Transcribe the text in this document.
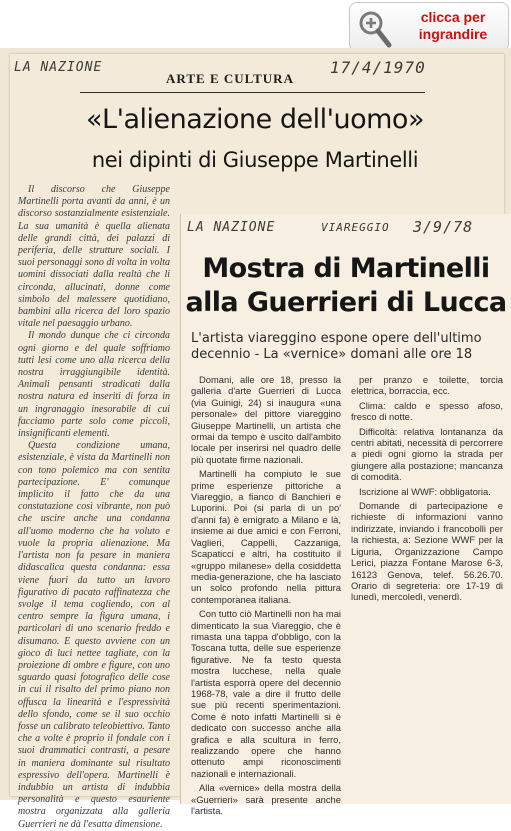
clicca per
ingrandire
LA NAZIONE	17/4/1970
ARTE E CULTURA
«L'alienazione dell'uomo»
nei dipinti di Giuseppe Martinelli

Il discorso che Giuseppe Martinelli porta avanti da anni, è un discorso sostanzialmente esistenziale. La sua umanità è quella alienata delle grandi città, dei palazzi di periferia, delle strutture sociali. I suoi personaggi sono di volta in volta uomini dissociati dalla realtà che li circonda, allucinati, donne come simbolo del malessere quotidiano, bambini alla ricerca del loro spazio vitale nel paesaggio urbano.

Il mondo dunque che ci circonda ogni giorno e del quale soffriamo tutti lesi come uno alla ricerca della nostra irraggiungibile identità. Animali pensanti stradicati dalla nostra natura ed inseriti di forza in un ingranaggio inesorabile di cui facciamo parte solo come piccoli, insignificanti elementi.

Questa condizione umana, esistenziale, è vista da Martinelli non con tono polemico ma con sentita partecipazione. E' comunque implicito il fatto che da una constatazione così vibrante, non può che uscire anche una condanna all'uomo moderno che ha voluto e vuole la propria alienazione. Ma l'artista non fa pesare in maniera didascalica questa condanna: essa viene fuori da tutto un lavoro figurativo di pacato raffinatezza che svolge il tema cogliendo, con al centro sempre la figura umana, i particolari di uno scenario freddo e disumano. E questo avviene con un gioco di luci nettee tagliate, con la proiezione di ombre e figure, con uno sguardo quasi fotografico delle cose in cui il risalto del primo piano non offusca la linearità e l'espressività dello sfondo, come se il suo occhio fosse un calibrato teleobiettivo. Tanto che a volte è proprio il fondale con i suoi drammatici contrasti, a pesare in maniera dominante sul risultato espressivo dell'opera. Martinelli è indubbio un artista di indubbia personalità e questo esauriente mostra organizzata alla galleria Guerrieri ne dà l'esatta dimensione.

LA NAZIONE	VIAREGGIO 3/9/78
Mostra di Martinelli alla Guerrieri di Lucca
L'artista viareggino espone opere dell'ultimo decennio - La «vernice» domani alle ore 18

Domani, alle ore 18, presso la galleria d'arte Guerrieri di Lucca (via Guinigi, 24) si inaugura «una personale» del pittore viareggino Giuseppe Martinelli, un artista che ormai da tempo è uscito dall'ambito locale per inserirsi nel quadro delle più quotate firme nazionali.

Martinelli ha compiuto le sue prime esperienze pittoriche a Viareggio, a fianco di Banchieri e Luporini. Poi (si parla di un po' d'anni fa) è emigrato a Milano e là, insieme ai due amici e con Ferroni, Vaglieri, Cappelli, Cazzaniga, Scapaticci e altri, ha costituito il «gruppo milanese» della cosiddetta media-generazione, che ha lasciato un solco profondo nella pittura contemporanea italiana.

Con tutto ciò Martinelli non ha mai dimenticato la sua Viareggio, che è rimasta una tappa d'obbligo, con la Toscana tutta, delle sue esperienze figurative. Ne fa testo questa mostra lucchese, nella quale l'artista esporrà opere del decennio 1968-78, vale a dire il frutto delle sue più recenti sperimentazioni. Come è noto infatti Martinelli si è dedicato con successo anche alla grafica e alla scultura in ferro, realizzando opere che hanno ottenuto ampi riconoscimenti nazionali e internazionali.

Alla «vernice» della mostra della «Guerrieri» sarà presente anche l'artista.

per pranzo e toilette, torcia elettrica, borraccia, ecc.

Clima: caldo e spesso afoso, fresco di notte.

Difficoltà: relativa lontananza da centri abitati, necessità di percorrere a piedi ogni giorno la strada per giungere alla postazione; mancanza di comodità.

Iscrizione al WWF: obbligatoria.

Domande di partecipazione e richieste di informazioni vanno indirizzate, inviando i francobolli per la richiesta, a: Sezione WWF per la Liguria, Organizzazione Campo Lerici, piazza Fontane Marose 6-3, 16123 Genova, telef. 56.26.70. Orario di segreteria: ore 17-19 di lunedì, mercoledì, venerdì.
